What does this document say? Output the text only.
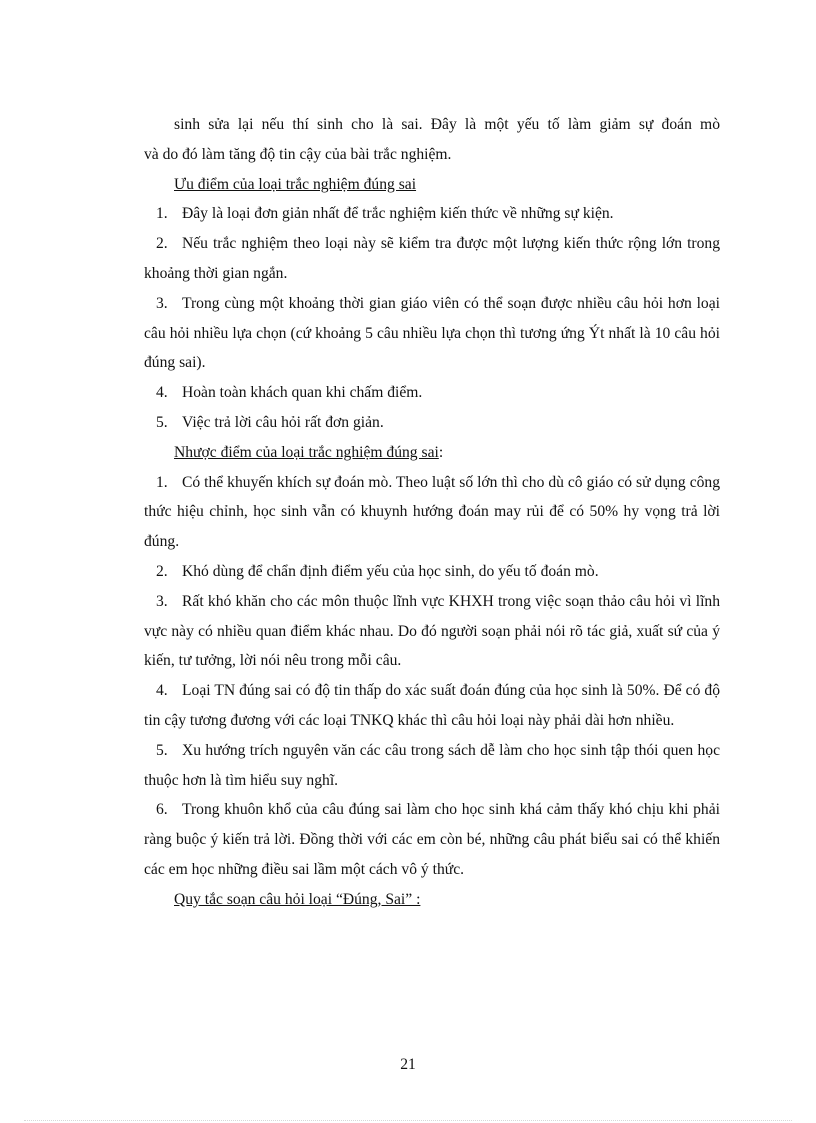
sinh sửa lại nếu thí sinh cho là sai. Đây là một yếu tố làm giảm sự đoán mò

và do đó làm tăng độ tin cậy của bài trắc nghiệm.

Ưu điểm của loại trắc nghiệm đúng sai

1. Đây là loại đơn giản nhất để trắc nghiệm kiến thức về những sự kiện.

2. Nếu trắc nghiệm theo loại này sẽ kiểm tra được một lượng kiến thức rộng lớn trong khoảng thời gian ngắn.

3. Trong cùng một khoảng thời gian giáo viên có thể soạn được nhiều câu hỏi hơn loại câu hỏi nhiều lựa chọn (cứ khoảng 5 câu nhiều lựa chọn thì tương ứng Ýt nhất là 10 câu hỏi đúng sai).

4. Hoàn toàn khách quan khi chấm điểm.

5. Việc trả lời câu hỏi rất đơn giản.

Nhược điểm của loại trắc nghiệm đúng sai:

1. Có thể khuyến khích sự đoán mò. Theo luật số lớn thì cho dù cô giáo có sử dụng công thức hiệu chỉnh, học sinh vẫn có khuynh hướng đoán may rủi để có 50% hy vọng trả lời đúng.

2. Khó dùng để chẩn định điểm yếu của học sinh, do yếu tố đoán mò.

3. Rất khó khăn cho các môn thuộc lĩnh vực KHXH trong việc soạn thảo câu hỏi vì lĩnh vực này có nhiều quan điểm khác nhau. Do đó người soạn phải nói rõ tác giả, xuất sứ của ý kiến, tư tưởng, lời nói nêu trong mỗi câu.

4. Loại TN đúng sai có độ tin thấp do xác suất đoán đúng của học sinh là 50%. Để có độ tin cậy tương đương với các loại TNKQ khác thì câu hỏi loại này phải dài hơn nhiều.

5. Xu hướng trích nguyên văn các câu trong sách dễ làm cho học sinh tập thói quen học thuộc hơn là tìm hiểu suy nghĩ.

6. Trong khuôn khổ của câu đúng sai làm cho học sinh khá cảm thấy khó chịu khi phải ràng buộc ý kiến trả lời. Đồng thời với các em còn bé, những câu phát biểu sai có thể khiến các em học những điều sai lầm một cách vô ý thức.

Quy tắc soạn câu hỏi loại “Đúng, Sai” :

21
